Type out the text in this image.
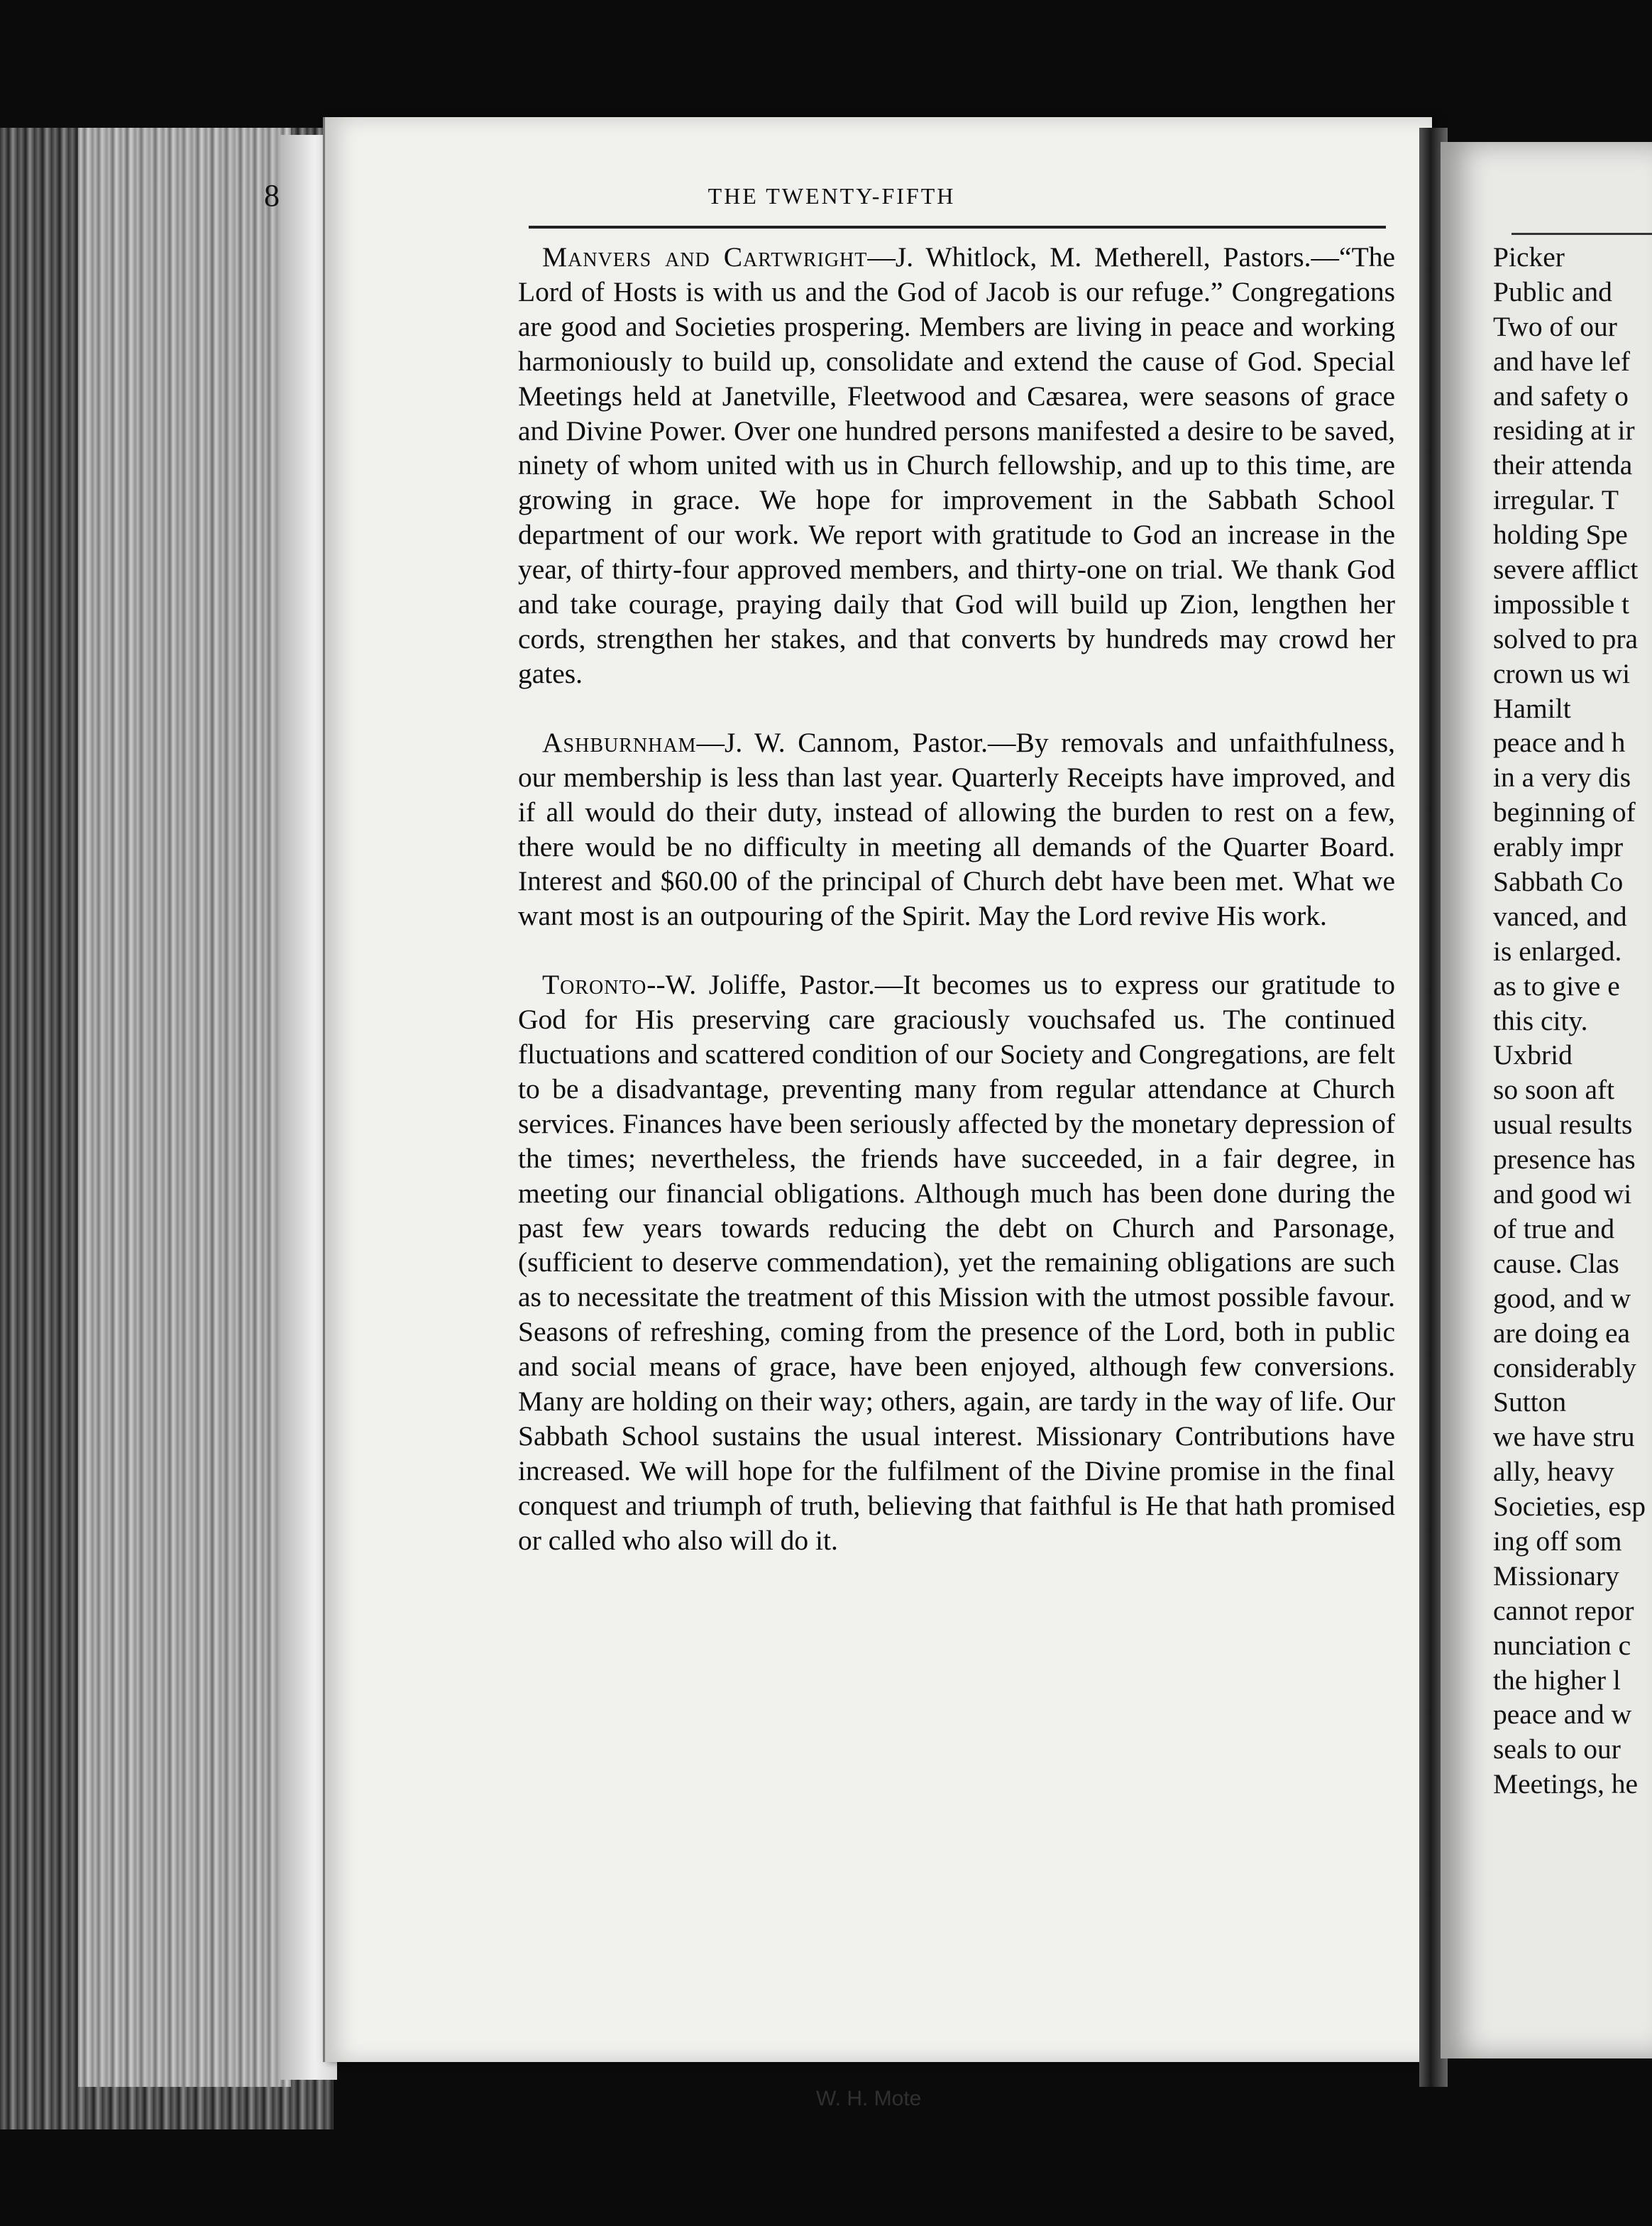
8	THE TWENTY-FIFTH

Manvers and Cartwright—J. Whitlock, M. Metherell, Pastors.—“The Lord of Hosts is with us and the God of Jacob is our refuge.” Congregations are good and Societies prospering. Members are living in peace and working harmoniously to build up, consolidate and extend the cause of God. Special Meetings held at Janetville, Fleetwood and Cæsarea, were seasons of grace and Divine Power. Over one hundred persons manifested a desire to be saved, ninety of whom united with us in Church fellowship, and up to this time, are growing in grace. We hope for improvement in the Sabbath School department of our work. We report with gratitude to God an increase in the year, of thirty-four approved members, and thirty-one on trial. We thank God and take courage, praying daily that God will build up Zion, lengthen her cords, strengthen her stakes, and that converts by hundreds may crowd her gates.

Ashburnham—J. W. Cannom, Pastor.—By removals and unfaithfulness, our membership is less than last year. Quarterly Receipts have improved, and if all would do their duty, instead of allowing the burden to rest on a few, there would be no difficulty in meeting all demands of the Quarter Board. Interest and $60.00 of the principal of Church debt have been met. What we want most is an outpouring of the Spirit. May the Lord revive His work.

Toronto--W. Joliffe, Pastor.—It becomes us to express our gratitude to God for His preserving care graciously vouchsafed us. The continued fluctuations and scattered condition of our Society and Congregations, are felt to be a disadvantage, preventing many from regular attendance at Church services. Finances have been seriously affected by the monetary depression of the times; nevertheless, the friends have succeeded, in a fair degree, in meeting our financial obligations. Although much has been done during the past few years towards reducing the debt on Church and Parsonage, (sufficient to deserve commendation), yet the remaining obligations are such as to necessitate the treatment of this Mission with the utmost possible favour. Seasons of refreshing, coming from the presence of the Lord, both in public and social means of grace, have been enjoyed, although few conversions. Many are holding on their way; others, again, are tardy in the way of life. Our Sabbath School sustains the usual interest. Missionary Contributions have increased. We will hope for the fulfilment of the Divine promise in the final conquest and triumph of truth, believing that faithful is He that hath promised or called who also will do it.

Picker
Public and
Two of our
and have lef
and safety o
residing at ir
their attenda
irregular. T
holding Spe
severe afflict
impossible t
solved to pra
crown us wi
Hamilt
peace and h
in a very dis
beginning of
erably impr
Sabbath Co
vanced, and
is enlarged.
as to give e
this city.
Uxbrid
so soon aft
usual results
presence has
and good wi
of true and
cause. Clas
good, and w
are doing ea
considerably
Sutton
we have stru
ally, heavy
Societies, esp
ing off som
Missionary
cannot repor
nunciation c
the higher l
peace and w
seals to our
Meetings, he
W. H. Mote
